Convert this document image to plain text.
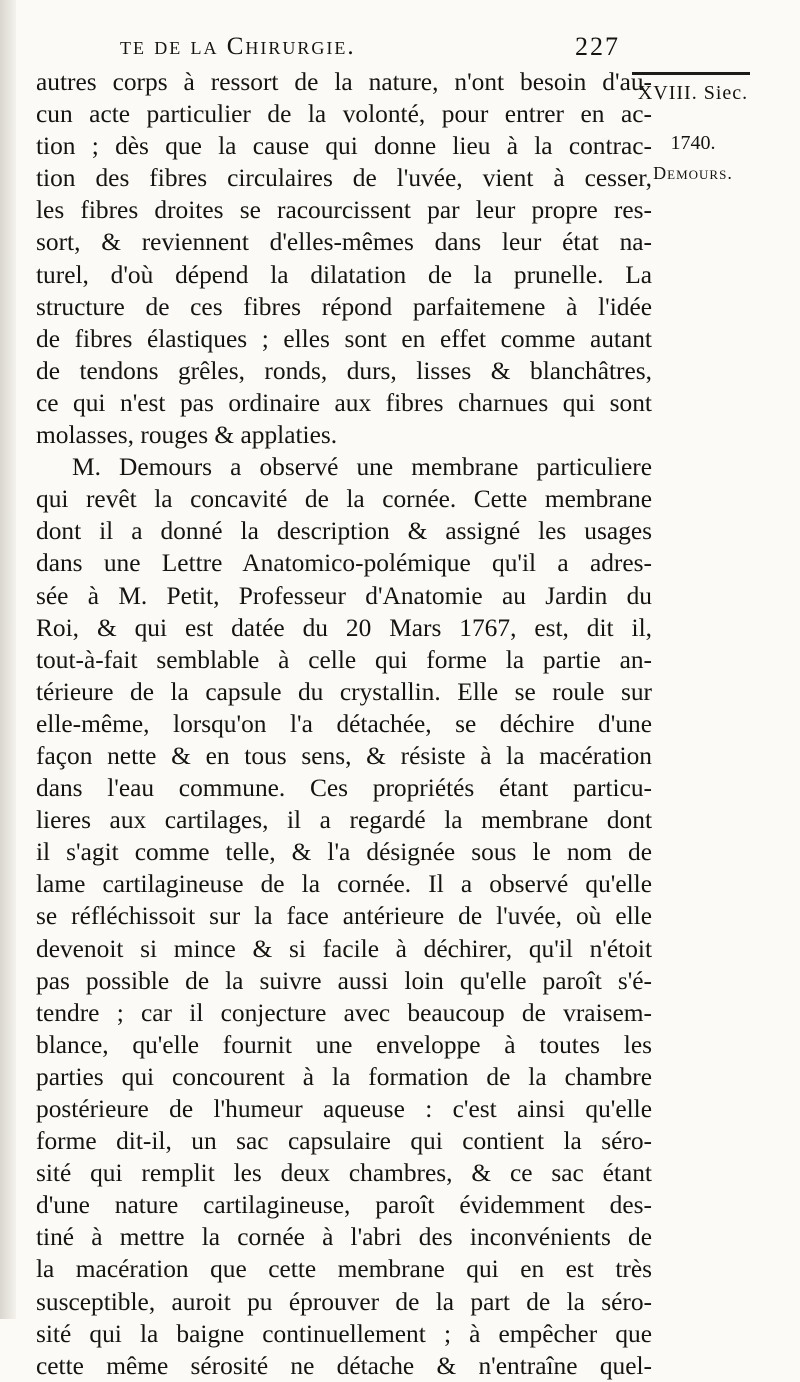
te de la Chirurgie.	227
XVIII. Siec.
1740.
Demours.
autres corps à ressort de la nature, n'ont besoin d'au-
cun acte particulier de la volonté, pour entrer en ac-
tion ; dès que la cause qui donne lieu à la contrac-
tion des fibres circulaires de l'uvée, vient à cesser,
les fibres droites se racourcissent par leur propre res-
sort, & reviennent d'elles-mêmes dans leur état na-
turel, d'où dépend la dilatation de la prunelle. La
structure de ces fibres répond parfaitemene à l'idée
de fibres élastiques ; elles sont en effet comme autant
de tendons grêles, ronds, durs, lisses & blanchâtres,
ce qui n'est pas ordinaire aux fibres charnues qui sont
molasses, rouges & applaties.
M. Demours a observé une membrane particuliere
qui revêt la concavité de la cornée. Cette membrane
dont il a donné la description & assigné les usages
dans une Lettre Anatomico-polémique qu'il a adres-
sée à M. Petit, Professeur d'Anatomie au Jardin du
Roi, & qui est datée du 20 Mars 1767, est, dit il,
tout-à-fait semblable à celle qui forme la partie an-
térieure de la capsule du crystallin. Elle se roule sur
elle-même, lorsqu'on l'a détachée, se déchire d'une
façon nette & en tous sens, & résiste à la macération
dans l'eau commune. Ces propriétés étant particu-
lieres aux cartilages, il a regardé la membrane dont
il s'agit comme telle, & l'a désignée sous le nom de
lame cartilagineuse de la cornée. Il a observé qu'elle
se réfléchissoit sur la face antérieure de l'uvée, où elle
devenoit si mince & si facile à déchirer, qu'il n'étoit
pas possible de la suivre aussi loin qu'elle paroît s'é-
tendre ; car il conjecture avec beaucoup de vraisem-
blance, qu'elle fournit une enveloppe à toutes les
parties qui concourent à la formation de la chambre
postérieure de l'humeur aqueuse : c'est ainsi qu'elle
forme dit-il, un sac capsulaire qui contient la séro-
sité qui remplit les deux chambres, & ce sac étant
d'une nature cartilagineuse, paroît évidemment des-
tiné à mettre la cornée à l'abri des inconvénients de
la macération que cette membrane qui en est très
susceptible, auroit pu éprouver de la part de la séro-
sité qui la baigne continuellement ; à empêcher que
cette même sérosité ne détache & n'entraîne quel-
